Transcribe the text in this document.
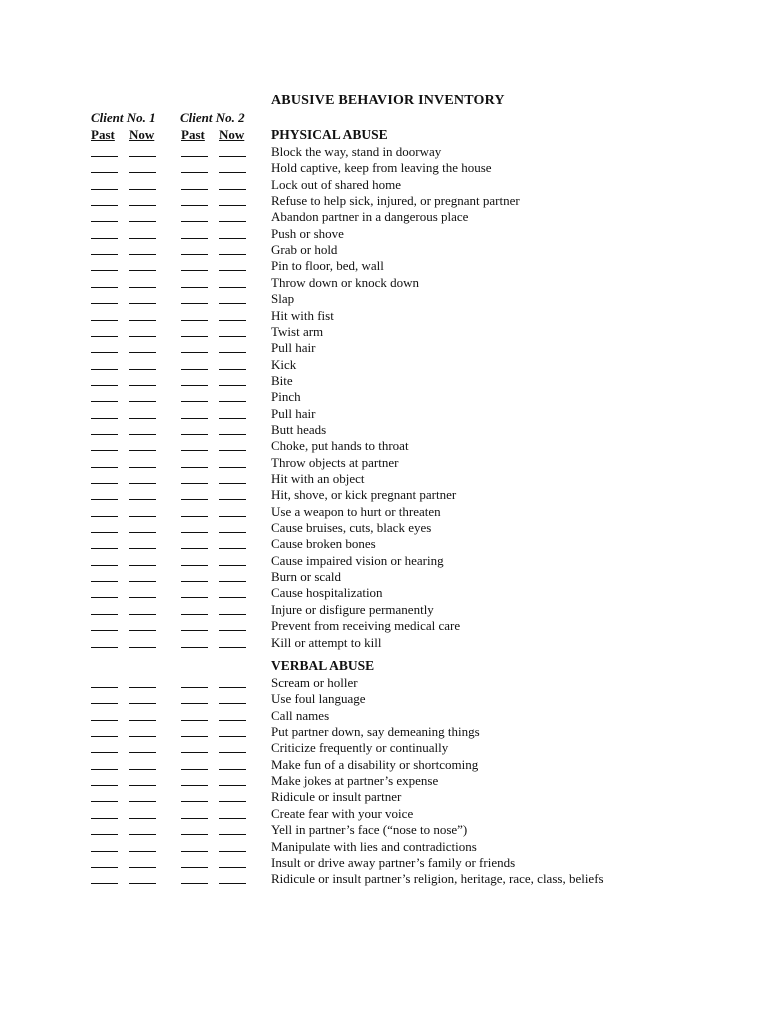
ABUSIVE BEHAVIOR INVENTORY
Client No. 1 Client No. 2
Past Now Past Now PHYSICAL ABUSE
Block the way, stand in doorway
Hold captive, keep from leaving the house
Lock out of shared home
Refuse to help sick, injured, or pregnant partner
Abandon partner in a dangerous place
Push or shove
Grab or hold
Pin to floor, bed, wall
Throw down or knock down
Slap
Hit with fist
Twist arm
Pull hair
Kick
Bite
Pinch
Pull hair
Butt heads
Choke, put hands to throat
Throw objects at partner
Hit with an object
Hit, shove, or kick pregnant partner
Use a weapon to hurt or threaten
Cause bruises, cuts, black eyes
Cause broken bones
Cause impaired vision or hearing
Burn or scald
Cause hospitalization
Injure or disfigure permanently
Prevent from receiving medical care
Kill or attempt to kill
VERBAL ABUSE
Scream or holler
Use foul language
Call names
Put partner down, say demeaning things
Criticize frequently or continually
Make fun of a disability or shortcoming
Make jokes at partner’s expense
Ridicule or insult partner
Create fear with your voice
Yell in partner’s face (“nose to nose”)
Manipulate with lies and contradictions
Insult or drive away partner’s family or friends
Ridicule or insult partner’s religion, heritage, race, class, beliefs
